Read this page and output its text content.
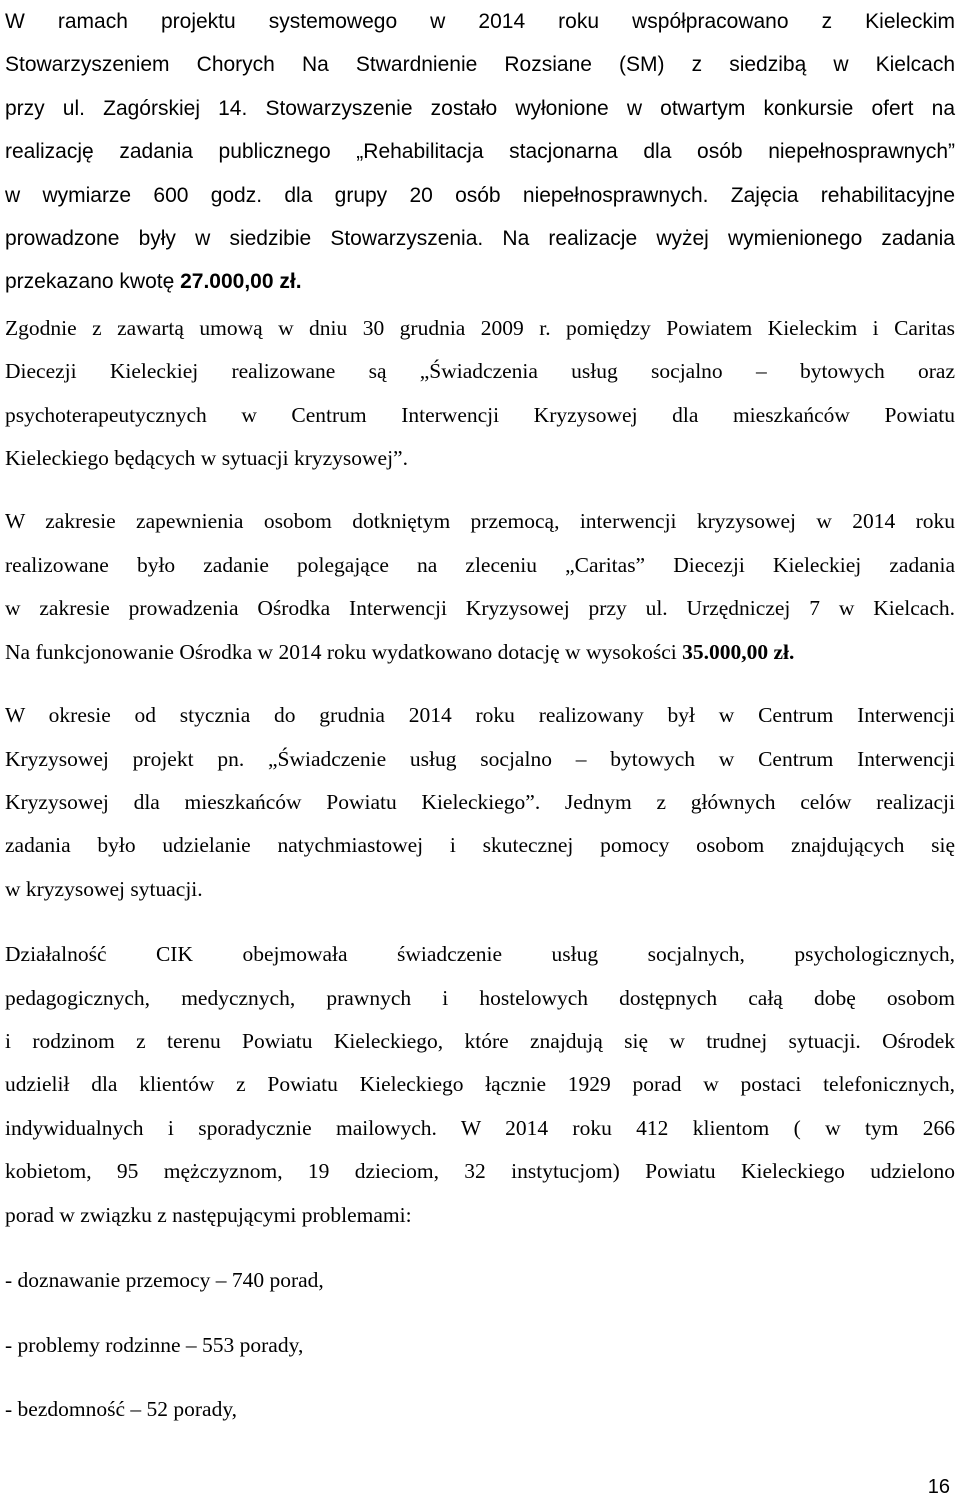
W ramach projektu systemowego w 2014 roku współpracowano z Kieleckim
Stowarzyszeniem Chorych Na Stwardnienie Rozsiane (SM) z siedzibą w Kielcach
przy ul. Zagórskiej 14. Stowarzyszenie zostało wyłonione w otwartym konkursie ofert na
realizację zadania publicznego „Rehabilitacja stacjonarna dla osób niepełnosprawnych”
w wymiarze 600 godz. dla grupy 20 osób niepełnosprawnych. Zajęcia rehabilitacyjne
prowadzone były w siedzibie Stowarzyszenia. Na realizacje wyżej wymienionego zadania
przekazano kwotę 27.000,00 zł.
Zgodnie z zawartą umową w dniu 30 grudnia 2009 r. pomiędzy Powiatem Kieleckim i Caritas
Diecezji Kieleckiej realizowane są „Świadczenia usług socjalno – bytowych oraz
psychoterapeutycznych w Centrum Interwencji Kryzysowej dla mieszkańców Powiatu
Kieleckiego będących w sytuacji kryzysowej”.
W zakresie zapewnienia osobom dotkniętym przemocą, interwencji kryzysowej w 2014 roku
realizowane było zadanie polegające na zleceniu „Caritas” Diecezji Kieleckiej zadania
w zakresie prowadzenia Ośrodka Interwencji Kryzysowej przy ul. Urzędniczej 7 w Kielcach.
Na funkcjonowanie Ośrodka w 2014 roku wydatkowano dotację w wysokości 35.000,00 zł.
W okresie od stycznia do grudnia 2014 roku realizowany był w Centrum Interwencji
Kryzysowej projekt pn. „Świadczenie usług socjalno – bytowych w Centrum Interwencji
Kryzysowej dla mieszkańców Powiatu Kieleckiego”. Jednym z głównych celów realizacji
zadania było udzielanie natychmiastowej i skutecznej pomocy osobom znajdujących się
w kryzysowej sytuacji.
Działalność CIK obejmowała świadczenie usług socjalnych, psychologicznych,
pedagogicznych, medycznych, prawnych i hostelowych dostępnych całą dobę osobom
i rodzinom z terenu Powiatu Kieleckiego, które znajdują się w trudnej sytuacji. Ośrodek
udzielił dla klientów z Powiatu Kieleckiego łącznie 1929 porad w postaci telefonicznych,
indywidualnych i sporadycznie mailowych. W 2014 roku 412 klientom ( w tym 266
kobietom, 95 mężczyznom, 19 dzieciom, 32 instytucjom) Powiatu Kieleckiego udzielono
porad w związku z następującymi problemami:

- doznawanie przemocy – 740 porad,

- problemy rodzinne – 553 porady,

- bezdomność – 52 porady,

16
